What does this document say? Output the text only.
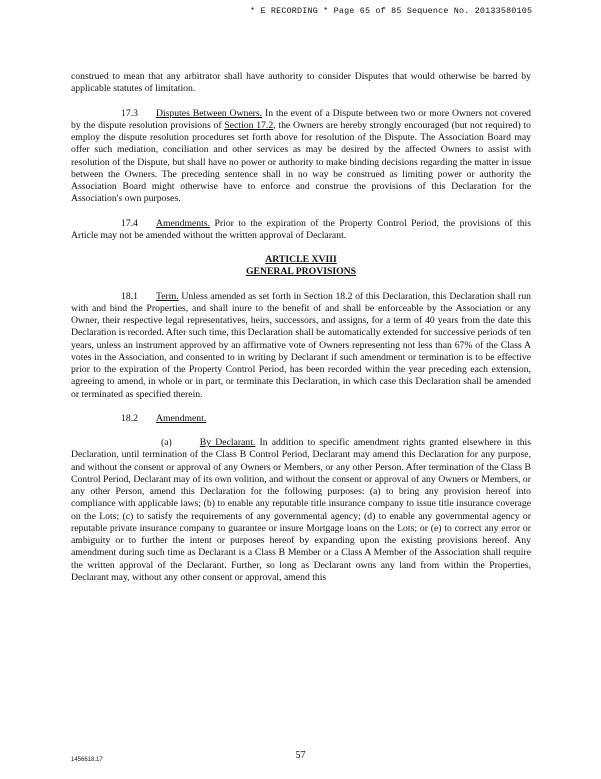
* E RECORDING * Page 65 of 85 Sequence No. 20133580105

construed to mean that any arbitrator shall have authority to consider Disputes that would otherwise be barred by applicable statutes of limitation.

17.3 Disputes Between Owners. In the event of a Dispute between two or more Owners not covered by the dispute resolution provisions of Section 17.2, the Owners are hereby strongly encouraged (but not required) to employ the dispute resolution procedures set forth above for resolution of the Dispute. The Association Board may offer such mediation, conciliation and other services as may be desired by the affected Owners to assist with resolution of the Dispute, but shall have no power or authority to make binding decisions regarding the matter in issue between the Owners. The preceding sentence shall in no way be construed as limiting power or authority the Association Board might otherwise have to enforce and construe the provisions of this Declaration for the Association's own purposes.

17.4 Amendments. Prior to the expiration of the Property Control Period, the provisions of this Article may not be amended without the written approval of Declarant.

ARTICLE XVIII
GENERAL PROVISIONS

18.1 Term. Unless amended as set forth in Section 18.2 of this Declaration, this Declaration shall run with and bind the Properties, and shall inure to the benefit of and shall be enforceable by the Association or any Owner, their respective legal representatives, heirs, successors, and assigns, for a term of 40 years from the date this Declaration is recorded. After such time, this Declaration shall be automatically extended for successive periods of ten years, unless an instrument approved by an affirmative vote of Owners representing not less than 67% of the Class A votes in the Association, and consented to in writing by Declarant if such amendment or termination is to be effective prior to the expiration of the Property Control Period, has been recorded within the year preceding each extension, agreeing to amend, in whole or in part, or terminate this Declaration, in which case this Declaration shall be amended or terminated as specified therein.

18.2 Amendment.

(a)	By Declarant. In addition to specific amendment rights granted elsewhere in this Declaration, until termination of the Class B Control Period, Declarant may amend this Declaration for any purpose, and without the consent or approval of any Owners or Members, or any other Person. After termination of the Class B Control Period, Declarant may of its own volition, and without the consent or approval of any Owners or Members, or any other Person, amend this Declaration for the following purposes: (a) to bring any provision hereof into compliance with applicable laws; (b) to enable any reputable title insurance company to issue title insurance coverage on the Lots; (c) to satisfy the requirements of any governmental agency; (d) to enable any governmental agency or reputable private insurance company to guarantee or insure Mortgage loans on the Lots; or (e) to correct any error or ambiguity or to further the intent or purposes hereof by expanding upon the existing provisions hereof. Any amendment during such time as Declarant is a Class B Member or a Class A Member of the Association shall require the written approval of the Declarant. Further, so long as Declarant owns any land from within the Properties, Declarant may, without any other consent or approval, amend this

1456618.17	57
